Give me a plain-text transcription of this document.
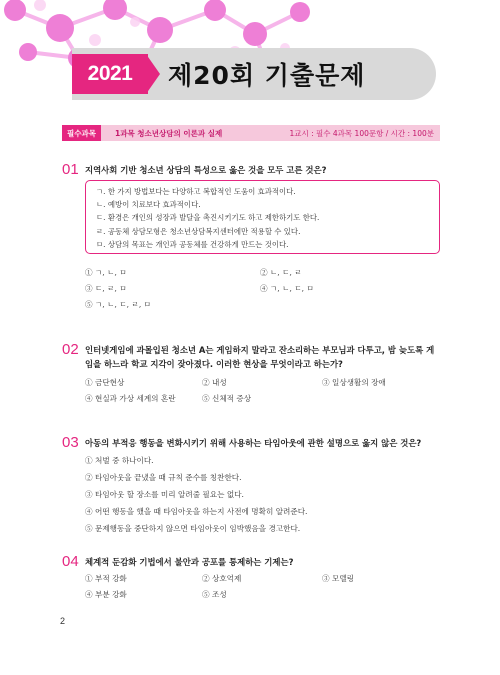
2021	제20회 기출문제
필수과목	1과목 청소년상담의 이론과 실제	1교시 : 필수 4과목 100문항 / 시간 : 100분
01 지역사회 기반 청소년 상담의 특성으로 옳은 것을 모두 고른 것은?
ㄱ. 한 가지 방법보다는 다양하고 복합적인 도움이 효과적이다.
ㄴ. 예방이 치료보다 효과적이다.
ㄷ. 환경은 개인의 성장과 발달을 촉진시키기도 하고 제한하기도 한다.
ㄹ. 공동체 상담모형은 청소년상담복지센터에만 적용할 수 있다.
ㅁ. 상담의 목표는 개인과 공동체를 건강하게 만드는 것이다.
① ㄱ, ㄴ, ㅁ	② ㄴ, ㄷ, ㄹ
③ ㄷ, ㄹ, ㅁ	④ ㄱ, ㄴ, ㄷ, ㅁ
⑤ ㄱ, ㄴ, ㄷ, ㄹ, ㅁ
02 인터넷게임에 과몰입된 청소년 A는 게임하지 말라고 잔소리하는 부모님과 다투고, 밤 늦도록 게
임을 하느라 학교 지각이 잦아졌다. 이러한 현상을 무엇이라고 하는가?
① 금단현상	② 내성	③ 일상생활의 장애
④ 현실과 가상 세계의 혼란	⑤ 신체적 증상
03 아동의 부적응 행동을 변화시키기 위해 사용하는 타임아웃에 관한 설명으로 옳지 않은 것은?
① 처벌 중 하나이다.
② 타임아웃을 끝냈을 때 규칙 준수를 칭찬한다.
③ 타임아웃 할 장소를 미리 알려줄 필요는 없다.
④ 어떤 행동을 했을 때 타임아웃을 하는지 사전에 명확히 알려준다.
⑤ 문제행동을 중단하지 않으면 타임아웃이 임박했음을 경고한다.
04 체계적 둔감화 기법에서 불안과 공포를 통제하는 기제는?
① 부적 강화	② 상호억제	③ 모델링
④ 부분 강화	⑤ 조성
2
